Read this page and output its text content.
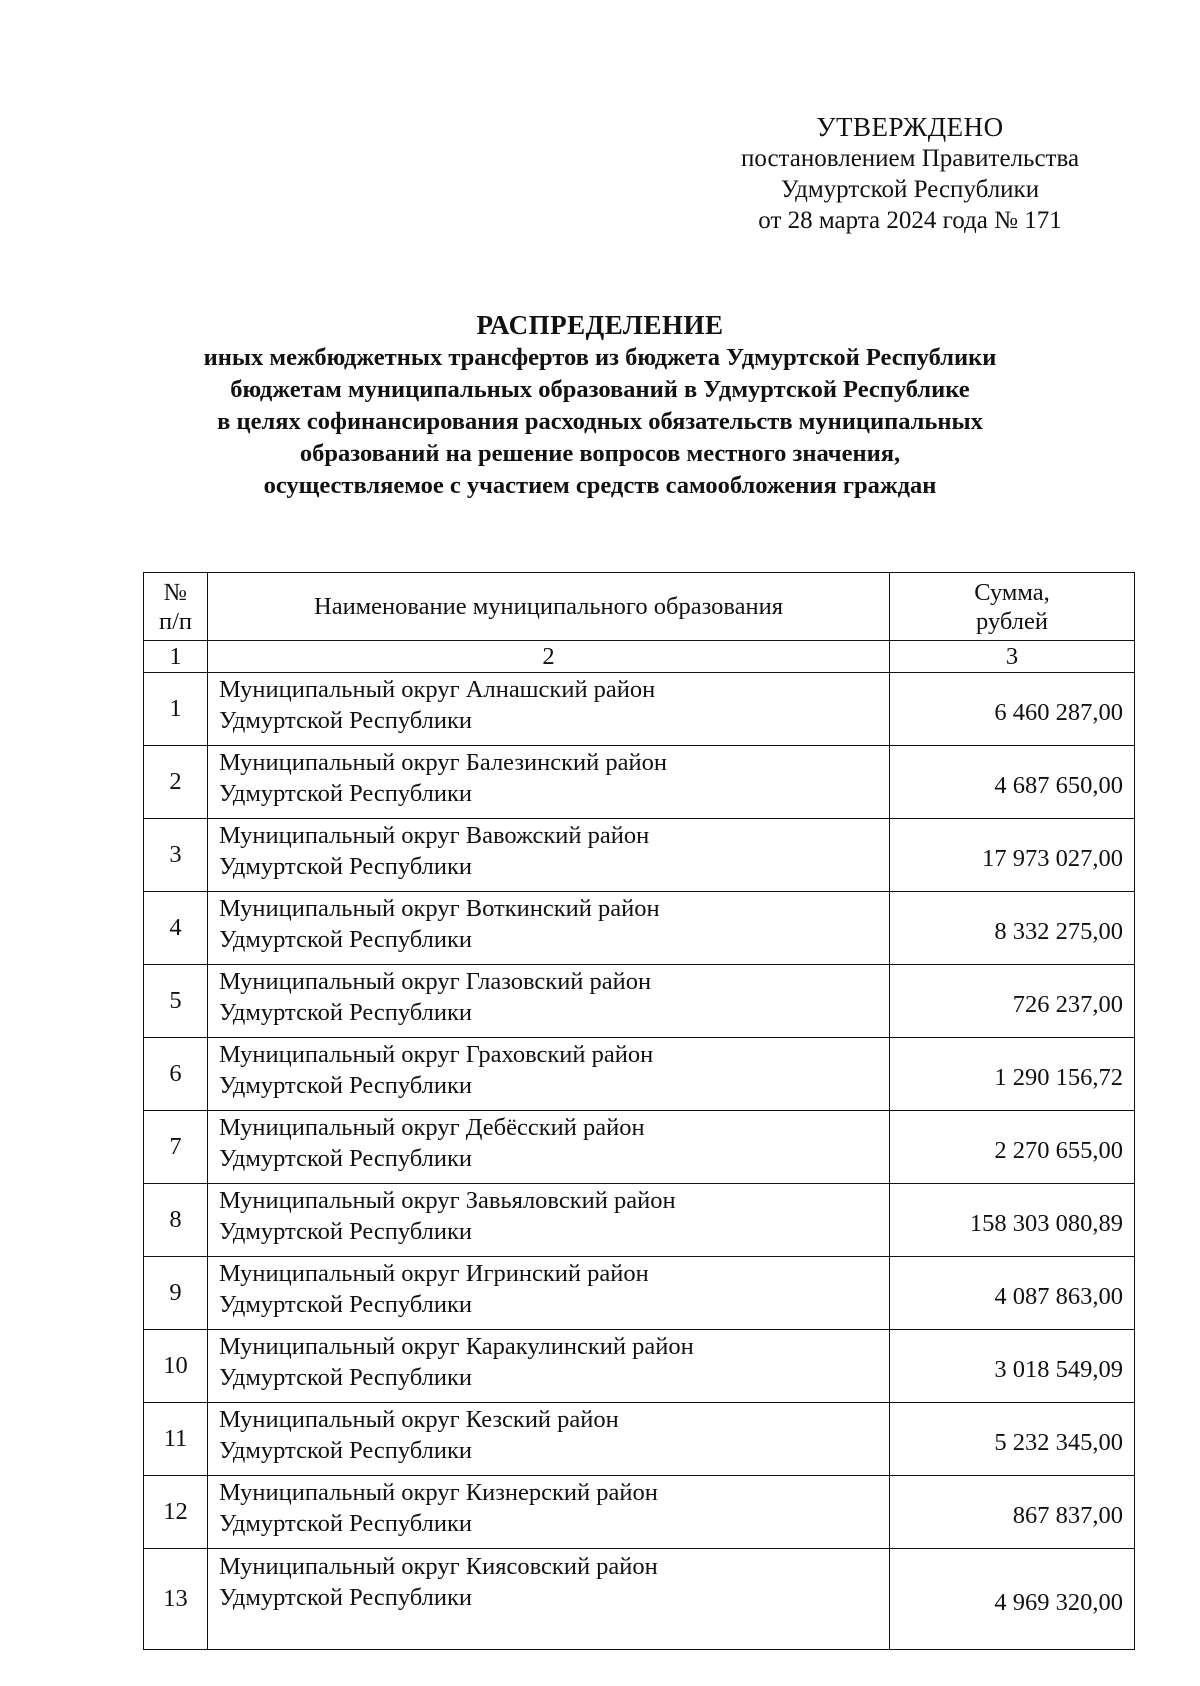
УТВЕРЖДЕНО
постановлением Правительства
Удмуртской Республики
от 28 марта 2024 года № 171
РАСПРЕДЕЛЕНИЕ
иных межбюджетных трансфертов из бюджета Удмуртской Республики
бюджетам муниципальных образований в Удмуртской Республике
в целях софинансирования расходных обязательств муниципальных
образований на решение вопросов местного значения,
осуществляемое с участием средств самообложения граждан
№
п/п	Наименование муниципального образования	Сумма,
рублей

1	2	3
1	Муниципальный округ Алнашский район
Удмуртской Республики	6 460 287,00
2	Муниципальный округ Балезинский район
Удмуртской Республики	4 687 650,00
3	Муниципальный округ Вавожский район
Удмуртской Республики	17 973 027,00
4	Муниципальный округ Воткинский район
Удмуртской Республики	8 332 275,00
5	Муниципальный округ Глазовский район
Удмуртской Республики	726 237,00
6	Муниципальный округ Граховский район
Удмуртской Республики	1 290 156,72
7	Муниципальный округ Дебёсский район
Удмуртской Республики	2 270 655,00
8	Муниципальный округ Завьяловский район
Удмуртской Республики	158 303 080,89
9	Муниципальный округ Игринский район
Удмуртской Республики	4 087 863,00
10	Муниципальный округ Каракулинский район
Удмуртской Республики	3 018 549,09
11	Муниципальный округ Кезский район
Удмуртской Республики	5 232 345,00
12	Муниципальный округ Кизнерский район
Удмуртской Республики	867 837,00
13	Муниципальный округ Киясовский район
Удмуртской Республики	4 969 320,00
